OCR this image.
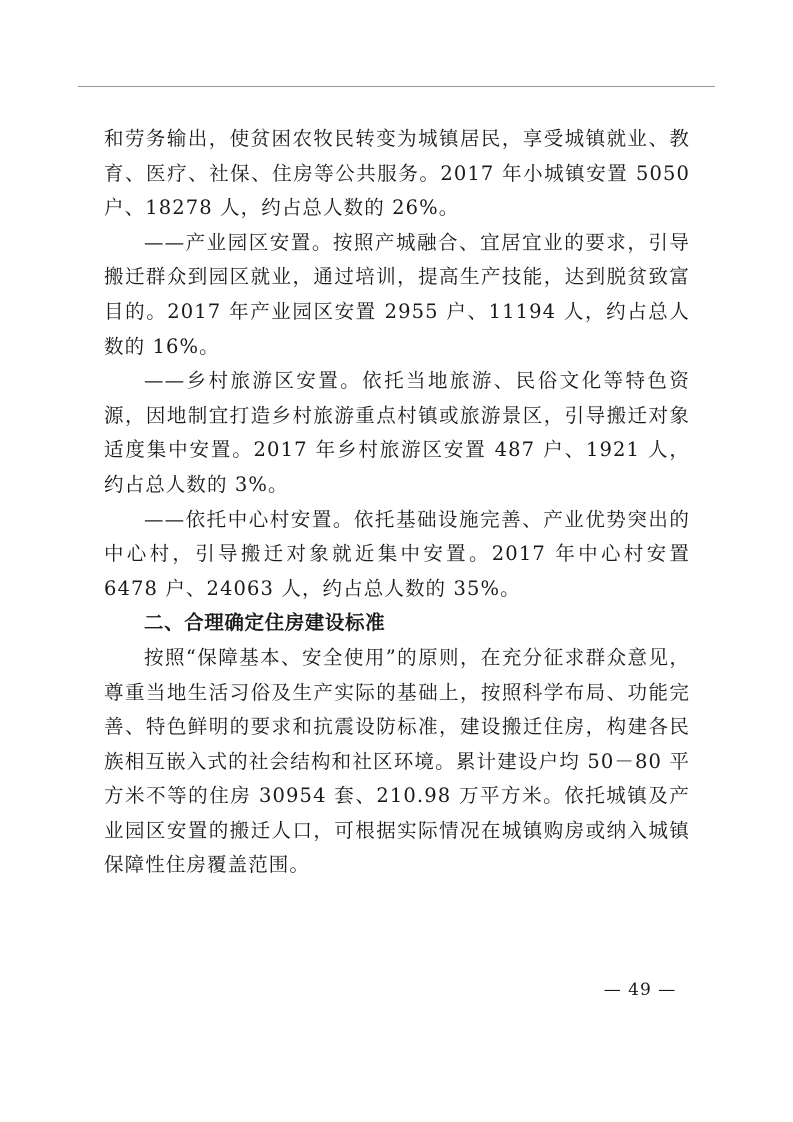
和劳务输出，使贫困农牧民转变为城镇居民，享受城镇就业、教育、医疗、社保、住房等公共服务。2017 年小城镇安置 5050 户、18278 人，约占总人数的 26%。

——产业园区安置。按照产城融合、宜居宜业的要求，引导搬迁群众到园区就业，通过培训，提高生产技能，达到脱贫致富目的。2017 年产业园区安置 2955 户、11194 人，约占总人数的 16%。

——乡村旅游区安置。依托当地旅游、民俗文化等特色资源，因地制宜打造乡村旅游重点村镇或旅游景区，引导搬迁对象适度集中安置。2017 年乡村旅游区安置 487 户、1921 人，约占总人数的 3%。

——依托中心村安置。依托基础设施完善、产业优势突出的中心村，引导搬迁对象就近集中安置。2017 年中心村安置 6478 户、24063 人，约占总人数的 35%。

二、合理确定住房建设标准

按照“保障基本、安全使用”的原则，在充分征求群众意见，尊重当地生活习俗及生产实际的基础上，按照科学布局、功能完善、特色鲜明的要求和抗震设防标准，建设搬迁住房，构建各民族相互嵌入式的社会结构和社区环境。累计建设户均 50－80 平方米不等的住房 30954 套、210.98 万平方米。依托城镇及产业园区安置的搬迁人口，可根据实际情况在城镇购房或纳入城镇保障性住房覆盖范围。

— 49 —
